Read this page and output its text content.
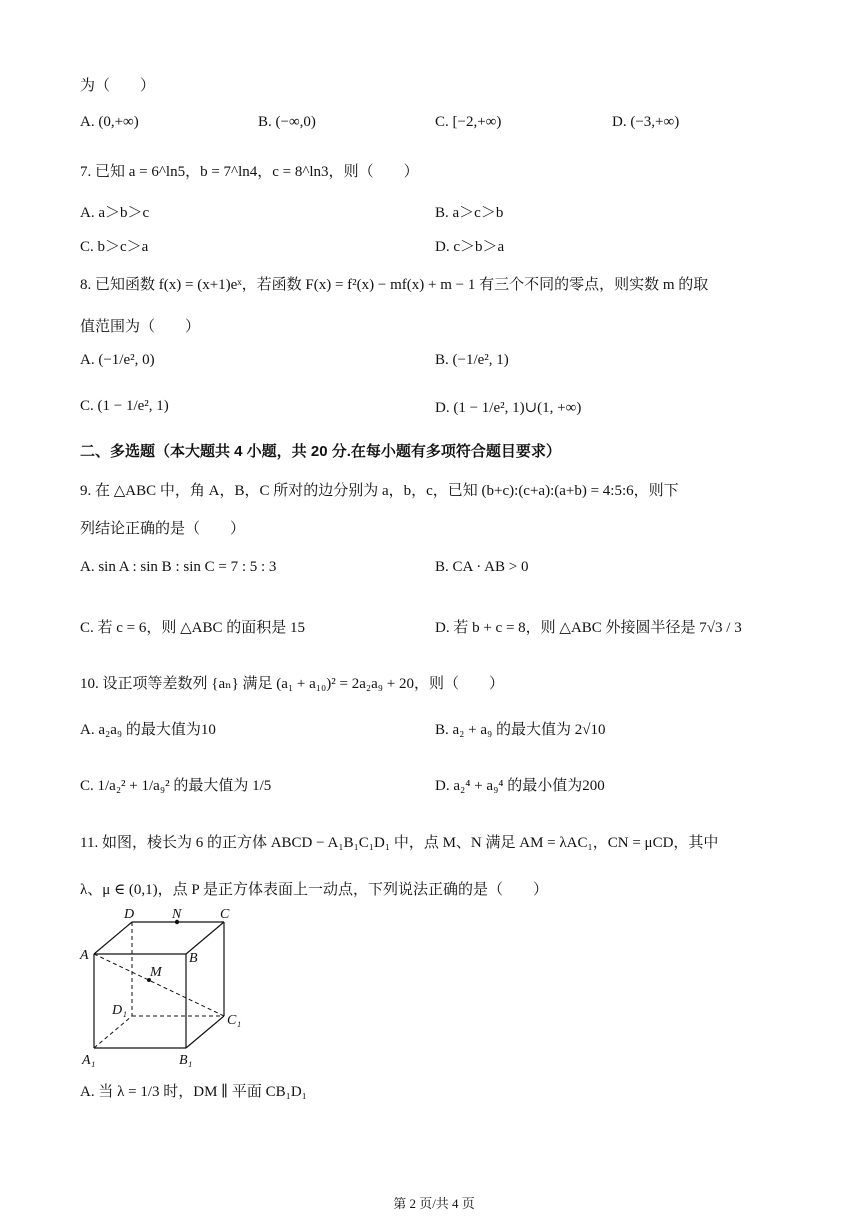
为（　　）
A. (0,+∞)	B. (−∞,0)	C. [−2,+∞)	D. (−3,+∞)
7. 已知 a = 6^ln5，b = 7^ln4，c = 8^ln3，则（　　）
A. a＞b＞c	B. a＞c＞b
C. b＞c＞a	D. c＞b＞a
8. 已知函数 f(x) = (x+1)eˣ，若函数 F(x) = f²(x) − mf(x) + m − 1 有三个不同的零点，则实数 m 的取
值范围为（　　）
A. (−1/e², 0)	B. (−1/e², 1)
C. (1 − 1/e², 1)	D. (1 − 1/e², 1)∪(1, +∞)
二、多选题（本大题共 4 小题，共 20 分.在每小题有多项符合题目要求）
9. 在 △ABC 中，角 A，B，C 所对的边分别为 a，b，c，已知 (b+c):(c+a):(a+b) = 4:5:6，则下
列结论正确的是（　　）
A. sin A : sin B : sin C = 7 : 5 : 3	B. CA · AB > 0
C. 若 c = 6，则 △ABC 的面积是 15	D. 若 b + c = 8，则 △ABC 外接圆半径是 7√3 / 3
10. 设正项等差数列 {aₙ} 满足 (a₁ + a₁₀)² = 2a₂a₉ + 20，则（　　）
A. a₂a₉ 的最大值为10	B. a₂ + a₉ 的最大值为 2√10
C. 1/a₂² + 1/a₉² 的最大值为 1/5	D. a₂⁴ + a₉⁴ 的最小值为200
11. 如图，棱长为 6 的正方体 ABCD − A₁B₁C₁D₁ 中，点 M、N 满足 AM = λAC₁，CN = μCD，其中
λ、μ ∈ (0,1)，点 P 是正方体表面上一动点，下列说法正确的是（　　）
D	N	C
A	B
M
D₁
C₁
A₁	B₁
A. 当 λ = 1/3 时，DM ∥ 平面 CB₁D₁
第 2 页/共 4 页
